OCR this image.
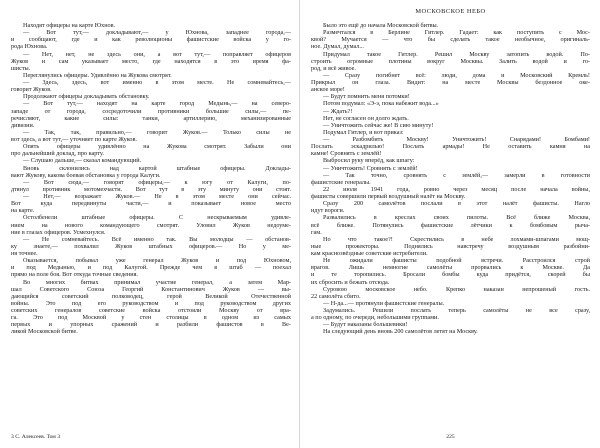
Находят офицеры на карте Юхнов.
— Вот тут,— докладывают,— у Юхнова, западнее города,—
и сообщают, где и как революционы фашистские войска у го-
рода Юхнова.
— Нет, нет, не здесь они, а вот тут,— поправляет офицеров
Жуков и сам указывает место, где находятся в это время фа-
шисты.
Переглянулись офицеры. Удивлённо на Жукова смотрят.
— Здесь, здесь, вот именно в этом месте. Не сомневайтесь,—
говорит Жуков.
Продолжают офицеры докладывать обстановку.
— Вот тут,— находят на карте город Медынь,— на северо-
западе от города, сосредоточили противники большие силы,— пе-
речисляют, какие силы: танки, артиллерию, механизированные
дивизии.
— Так, так, правильно,— говорит Жуков.— Только силы не
вот здесь, а вот тут,— уточняет по карте Жуков.
Опять офицеры удивлённо на Жукова смотрят. Забыли они
про дальнейший доклад, про карту.
— Слушаю дальше,— сказал командующий.
Вновь склонились над картой штабные офицеры. Доклады-
вают Жукову, какова боевая обстановка у города Калуги.
— Вот сюда,— говорят офицеры,— к югу от Калуги, по-
дтянул противник мотомехчасти. Вот тут в эту минуту они стоят.
— Нет,— возражает Жуков.— Не в этом месте они сейчас.
Вот куда передвинуты части,— и показывает новое место
на карте.
Остолбенели штабные офицеры. С нескрываемым удивле-
нием на нового командующего смотрят. Уловил Жуков недоуме-
ние в глазах офицеров. Усмехнулся.
— Не сомневайтесь. Всё именно так. Вы молодцы — обстанов-
ку знаете,— похвалил Жуков штабных офицеров.— Но у ме-
ня точнее.
Оказывается, побывал уже генерал Жуков и под Юхновом,
и под Медынью, и под Калугой. Прежде чем в штаб — поехал
прямо на поле боя. Вот откуда точные сведения.
Во многих битвах принимал участие генерал, а затем Мар-
шал Советского Союза Георгий Константинович Жуков — вы-
дающийся советский полководец, герой Великой Отечественной
войны. Это под его руководством и под руководством других
советских генералов советские войска отстояли Москву от вра-
га. Это под Москвой у стен столицы в одном из самых
первых и упорных сражений и разбили фашистов в Ве-
ликой Московской битве.
3 С. Алексеев. Том 3
МОСКОВСКОЕ НЕБО
Было это ещё до начала Московской битвы.
Размечтался в Берлине Гитлер. Гадает: как поступить с Мос-
квой? Мучается — что бы сделать такое необычное, оригиналь-
ное. Думал, думал...
Придумал такое Гитлер. Решил Москву затопить водой. По-
строить огромные плотины вокруг Москвы. Залить водой и го-
род, и всё живое.
— Сразу погибнет всё: люди, дома и Московский Кремль!
Прикрыл он глаза. Видит: на месте Москвы бездонное оке-
анское море!
— Будут помнить меня потомки!
Потом подумал: «Э-э, пока набежит вода...»
— Ждать?!
Нет, не согласен он долго ждать.
— Уничтожить сейчас же! В сию минуту!
Подумал Гитлер, и вот приказ:
— Разбомбить Москву! Уничтожить! Снарядами! Бомбами!
Послать эскадрилью! Послать армады! Не оставить камня на
камне! Сровнять с землёй!
Выбросил руку вперёд, как шпагу:
— Уничтожить! Сровнять с землёй!
— Так точно, сровнять с землёй,— замерли в готовности
фашистские генералы.
22 июля 1941 года, ровно через месяц после начала войны,
фашисты совершили первый воздушный налёт на Москву.
Сразу 200 самолётов послали в этот налёт фашисты. Нагло
идут вороги.
Развалились в креслах своих пилоты. Всё ближе Москва,
всё ближе. Потянулись фашистские лётчики к бомбовым рыча-
гам.
Но что такое?! Скрестились в небе лохмами-шпагами мощ-
ные прожекторы. Поднялись навстречу воздушным разбойни-
кам краснозвёздные советские истребители.
Не ожидали фашисты подобной встречи. Расстроился строй
врагов. Лишь немногие самолёты прорвались к Москве. Да
и те торопились. Бросали бомбы куда придётся, скорей бы
их сбросить и бежать отсюда.
Суровою московское небо. Крепко наказан непрошеный гость.
22 самолёта сбито.
— Н-да...— протянули фашистские генералы.
Задумались. Решили послать теперь самолёты не все сразу,
а по одному, по очереди, небольшими группами.
— Будут наказаны большевики!
На следующий день вновь 200 самолётов летят на Москву.
225
